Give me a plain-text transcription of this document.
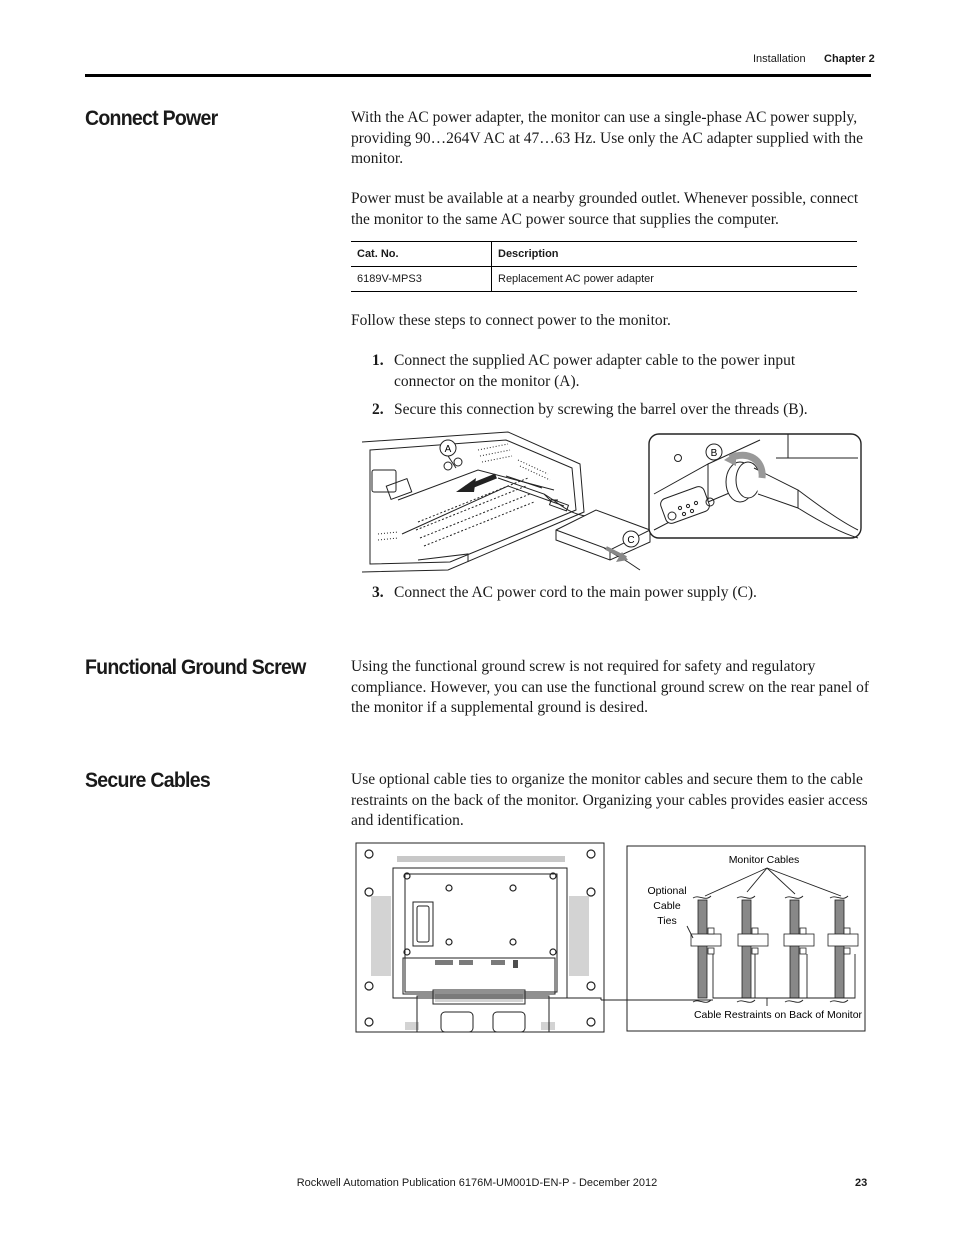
Installation Chapter 2
Connect Power	With the AC power adapter, the monitor can use a single-phase AC power supply, providing 90…264V AC at 47…63 Hz. Use only the AC adapter supplied with the monitor.
Power must be available at a nearby grounded outlet. Whenever possible, connect the monitor to the same AC power source that supplies the computer.
Cat. No.	Description
6189V-MPS3	Replacement AC power adapter
Follow these steps to connect power to the monitor.
1. Connect the supplied AC power adapter cable to the power input connector on the monitor (A).
2. Secure this connection by screwing the barrel over the threads (B).
A
C
B
3. Connect the AC power cord to the main power supply (C).
Functional Ground Screw	Using the functional ground screw is not required for safety and regulatory compliance. However, you can use the functional ground screw on the rear panel of the monitor if a supplemental ground is desired.
Secure Cables	Use optional cable ties to organize the monitor cables and secure them to the cable restraints on the back of the monitor. Organizing your cables provides easier access and identification.
Monitor Cables
Optional
Cable
Ties
Cable Restraints on Back of Monitor
Rockwell Automation Publication 6176M-UM001D-EN-P - December 2012	23
